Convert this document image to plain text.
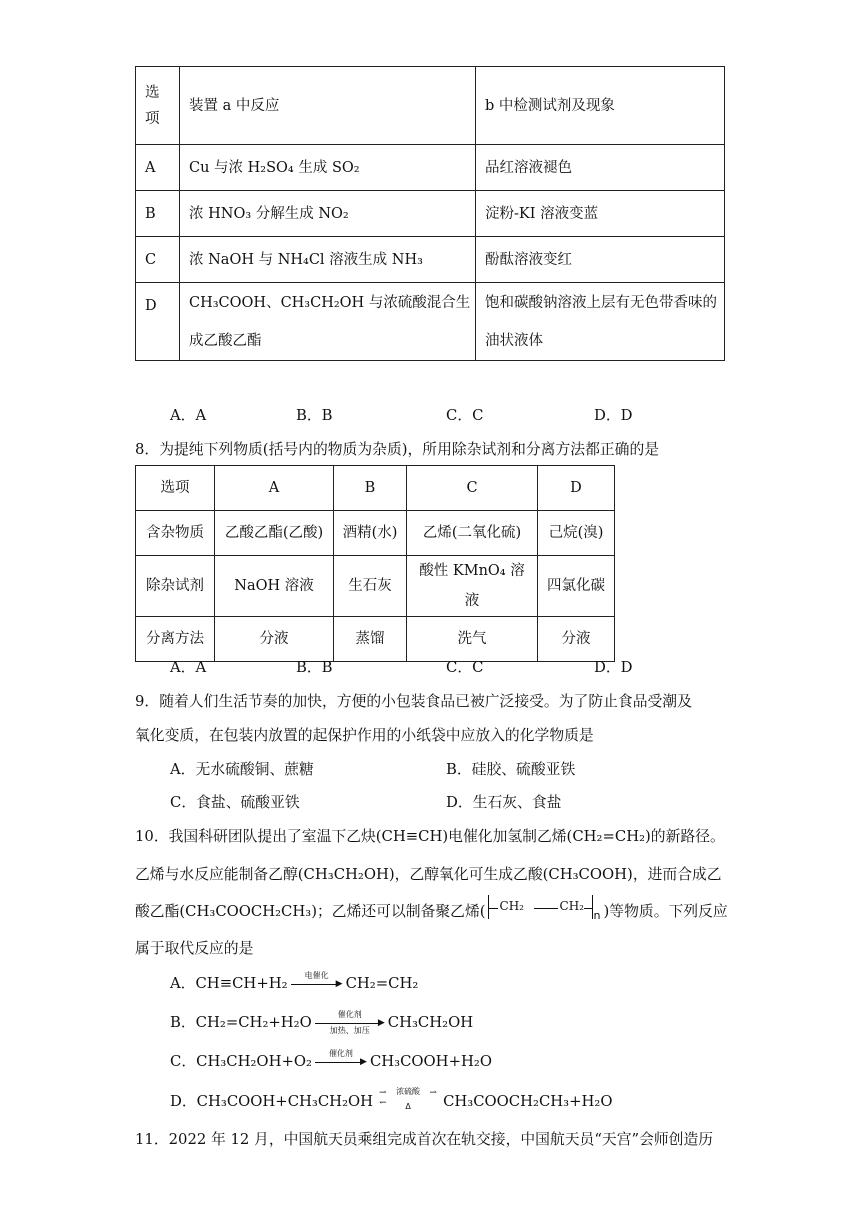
选
项	装置 a 中反应	b 中检测试剂及现象
A	Cu 与浓 H₂SO₄ 生成 SO₂	品红溶液褪色
B	浓 HNO₃ 分解生成 NO₂	淀粉-KI 溶液变蓝
C	浓 NaOH 与 NH₄Cl 溶液生成 NH₃	酚酞溶液变红
D	CH₃COOH、CH₃CH₂OH 与浓硫酸混合生成乙酸乙酯	饱和碳酸钠溶液上层有无色带香味的油状液体
A．A	B．B	C．C	D．D
8．为提纯下列物质(括号内的物质为杂质)，所用除杂试剂和分离方法都正确的是
选项	A	B	C	D
含杂物质	乙酸乙酯(乙酸)	酒精(水)	乙烯(二氧化硫)	己烷(溴)
除杂试剂	NaOH 溶液	生石灰	酸性 KMnO₄ 溶液	四氯化碳
分离方法	分液	蒸馏	洗气	分液
A．A	B．B	C．C	D．D
9．随着人们生活节奏的加快，方便的小包装食品已被广泛接受。为了防止食品受潮及
氧化变质，在包装内放置的起保护作用的小纸袋中应放入的化学物质是
A．无水硫酸铜、蔗糖	B．硅胶、硫酸亚铁
C．食盐、硫酸亚铁	D．生石灰、食盐
10．我国科研团队提出了室温下乙炔(CH≡CH)电催化加氢制乙烯(CH₂=CH₂)的新路径。
乙烯与水反应能制备乙醇(CH₃CH₂OH)，乙醇氧化可生成乙酸(CH₃COOH)，进而合成乙
酸乙酯(CH₃COOCH₂CH₃)；乙烯还可以制备聚乙烯( CH₂	CH₂
n )等物质。下列反应
属于取代反应的是
A．CH≡CH+H₂	电催化
▶ CH₂=CH₂
B．CH₂=CH₂+H₂O	催化剂
▶
加热、加压	CH₃CH₂OH
C．CH₃CH₂OH+O₂	催化剂
▶ CH₃COOH+H₂O
D．CH₃COOH+CH₃CH₂OH
浓硫酸
⇀
↽
⇀
Δ	CH₃COOCH₂CH₃+H₂O
11．2022 年 12 月，中国航天员乘组完成首次在轨交接，中国航天员“天宫”会师创造历
